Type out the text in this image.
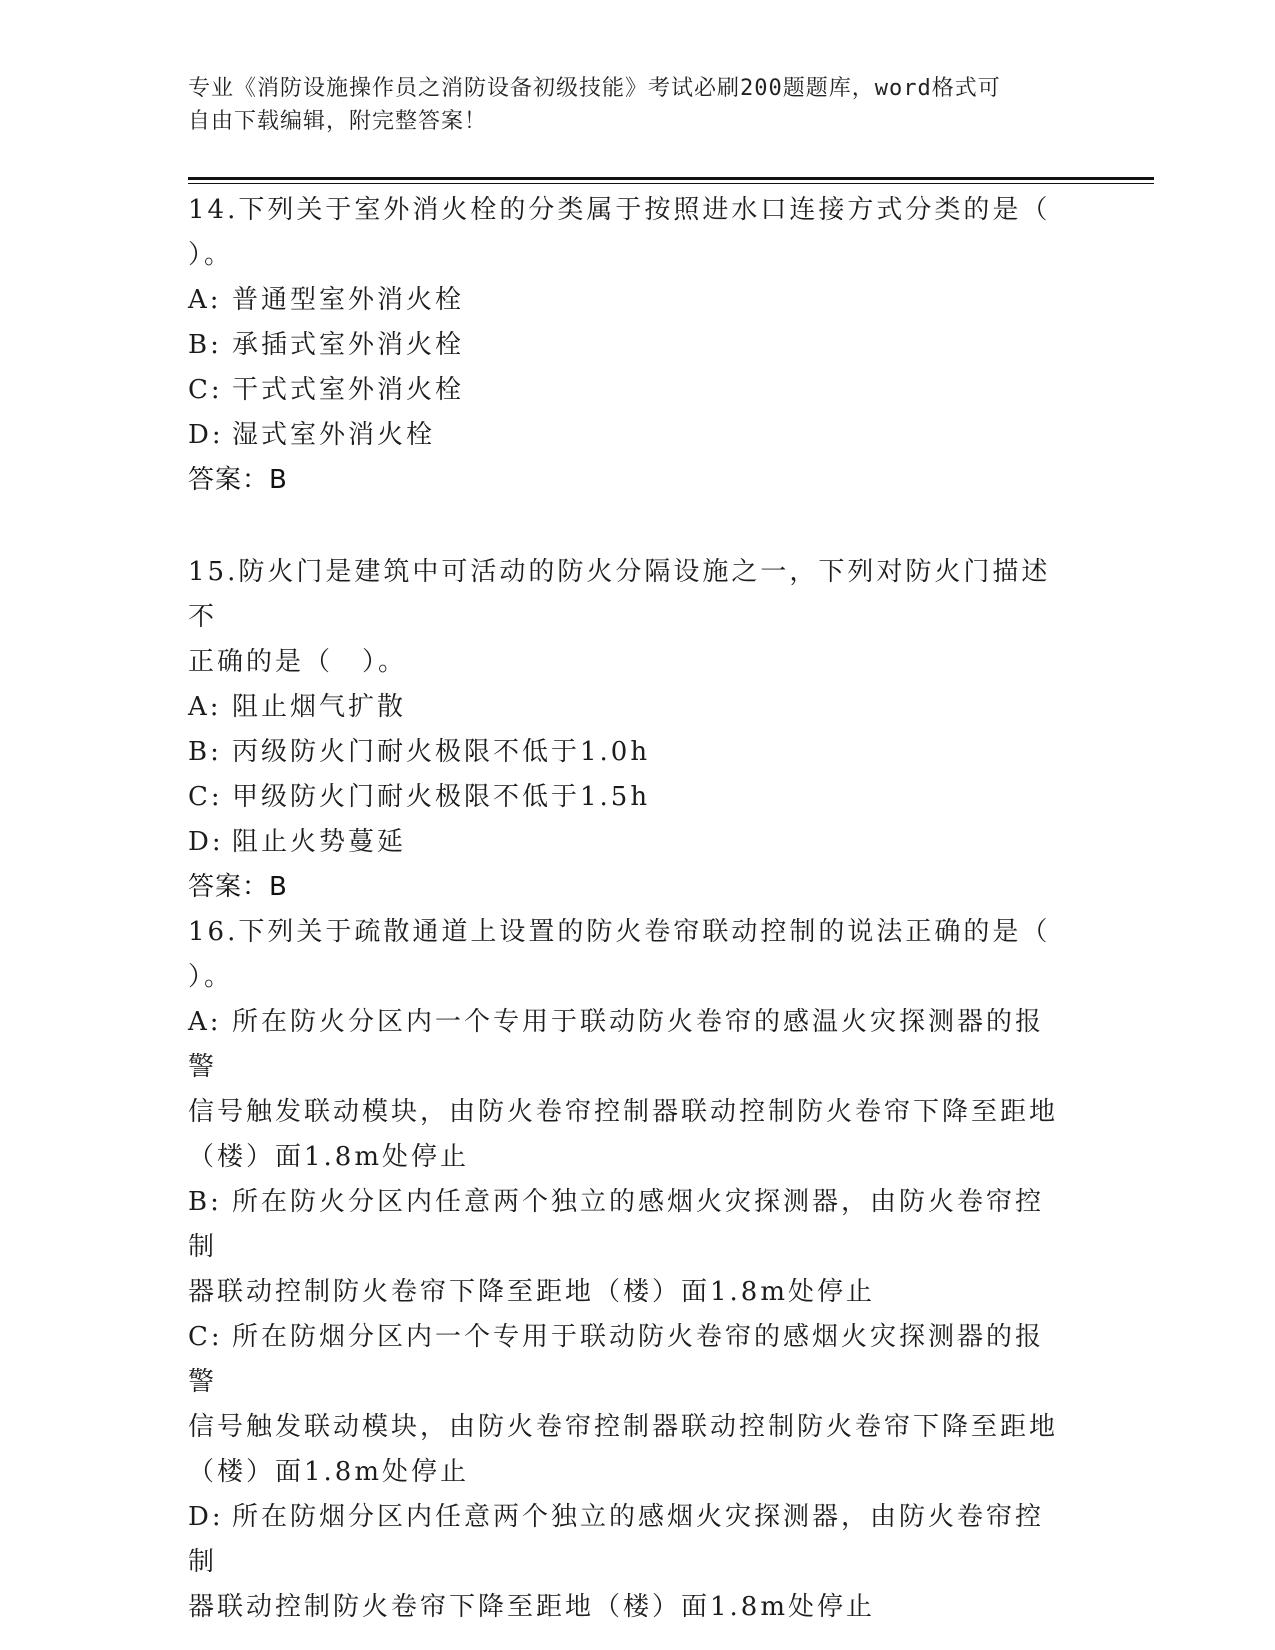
专业《消防设施操作员之消防设备初级技能》考试必刷200题题库，word格式可
自由下载编辑，附完整答案！

14.下列关于室外消火栓的分类属于按照进水口连接方式分类的是（

）。

A: 普通型室外消火栓

B: 承插式室外消火栓

C: 干式式室外消火栓

D: 湿式室外消火栓

答案：B

15.防火门是建筑中可活动的防火分隔设施之一，下列对防火门描述不

正确的是（　）。

A: 阻止烟气扩散

B: 丙级防火门耐火极限不低于1.0h

C: 甲级防火门耐火极限不低于1.5h

D: 阻止火势蔓延

答案：B

16.下列关于疏散通道上设置的防火卷帘联动控制的说法正确的是（

）。

A: 所在防火分区内一个专用于联动防火卷帘的感温火灾探测器的报警

信号触发联动模块，由防火卷帘控制器联动控制防火卷帘下降至距地

（楼）面1.8m处停止

B: 所在防火分区内任意两个独立的感烟火灾探测器，由防火卷帘控制

器联动控制防火卷帘下降至距地（楼）面1.8m处停止

C: 所在防烟分区内一个专用于联动防火卷帘的感烟火灾探测器的报警

信号触发联动模块，由防火卷帘控制器联动控制防火卷帘下降至距地

（楼）面1.8m处停止

D: 所在防烟分区内任意两个独立的感烟火灾探测器，由防火卷帘控制

器联动控制防火卷帘下降至距地（楼）面1.8m处停止
